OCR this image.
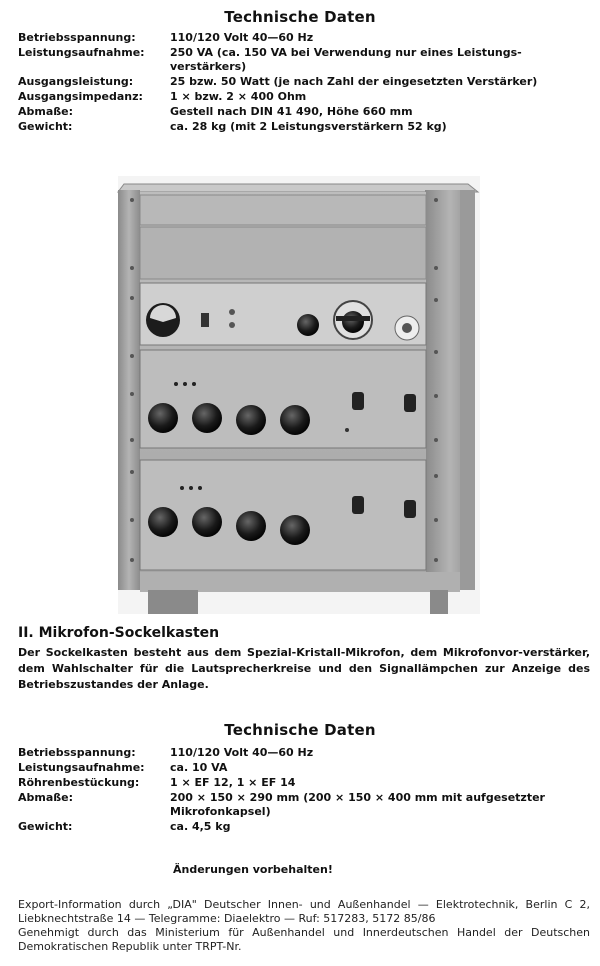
Technische Daten
Betriebsspannung:	110/120 Volt 40—60 Hz
Leistungsaufnahme:	250 VA (ca. 150 VA bei Verwendung nur eines Leistungs-verstärkers)
Ausgangsleistung:	25 bzw. 50 Watt (je nach Zahl der eingesetzten Verstärker)
Ausgangsimpedanz:	1 × bzw. 2 × 400 Ohm
Abmaße:	Gestell nach DIN 41 490, Höhe 660 mm
Gewicht:	ca. 28 kg (mit 2 Leistungsverstärkern 52 kg)
II. Mikrofon-Sockelkasten
Der Sockelkasten besteht aus dem Spezial-Kristall-Mikrofon, dem Mikrofonvor-verstärker, dem Wahlschalter für die Lautsprecherkreise und den Signallämpchen zur Anzeige des Betriebszustandes der Anlage.
Technische Daten
Betriebsspannung:	110/120 Volt 40—60 Hz
Leistungsaufnahme:	ca. 10 VA
Röhrenbestückung:	1 × EF 12, 1 × EF 14
Abmaße:	200 × 150 × 290 mm (200 × 150 × 400 mm mit aufgesetzter Mikrofonkapsel)
Gewicht:	ca. 4,5 kg
Änderungen vorbehalten!
Export-Information durch „DIA" Deutscher Innen- und Außenhandel — Elektrotechnik, Berlin C 2, Liebknechtstraße 14 — Telegramme: Diaelektro — Ruf: 517283, 5172 85/86
Genehmigt durch das Ministerium für Außenhandel und Innerdeutschen Handel der Deutschen Demokratischen Republik unter TRPT-Nr.
